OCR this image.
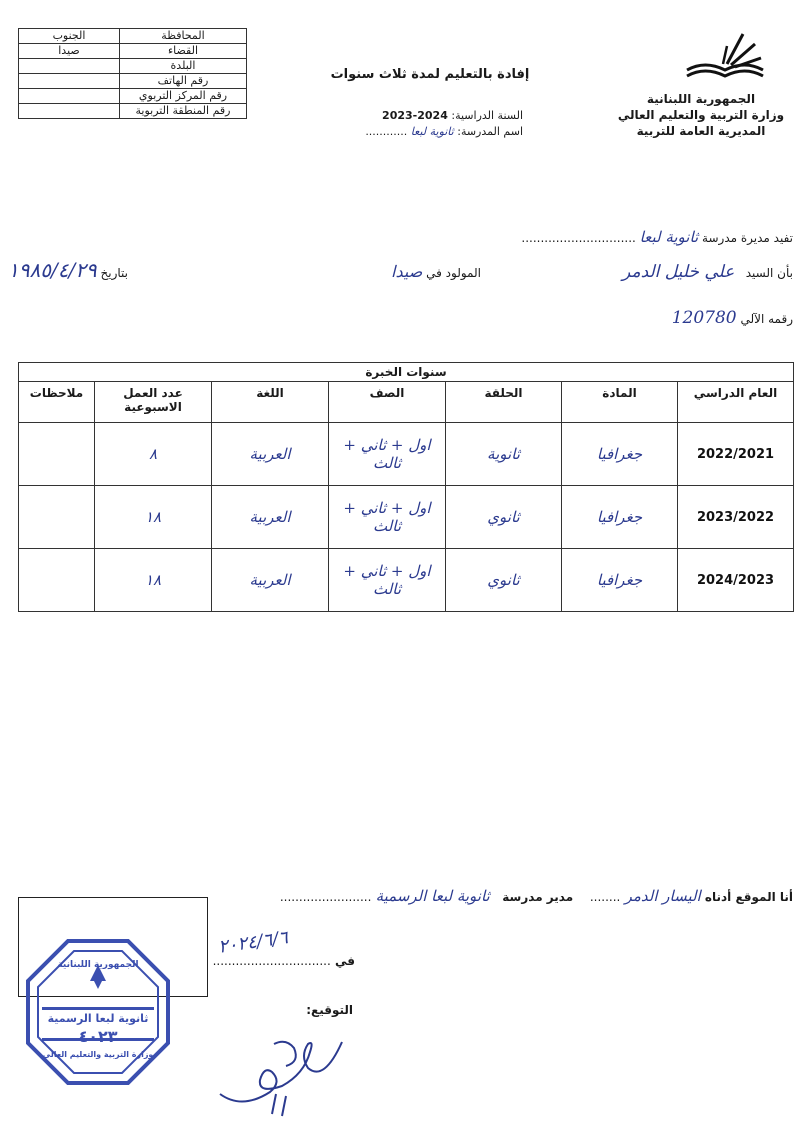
الجمهورية اللبنانية
وزارة التربية والتعليم العالي
المديرية العامة للتربية
إفادة بالتعليم لمدة ثلاث سنوات
السنة الدراسية: 2024-2023
اسم المدرسة: ثانوية لبعا ............
المحافظة	الجنوب
القضاء	صيدا
البلدة	
رقم الهاتف	
رقم المركز التربوي	
رقم المنطقة التربوية	
تفيد مديرة مدرسة ثانوية لبعا ..............................
بأن السيد   علي خليل الدمر
المولود في صيدا
بتاريخ ١٩٨٥/٤/٢٩
رقمه الآلي 120780
سنوات الخبرة
العام الدراسي	المادة	الحلقة	الصف	اللغة	عدد العمل الاسبوعية	ملاحظات
2022/2021	جغرافيا	ثانوية	اول + ثاني + ثالث	العربية	٨	
2023/2022	جغرافيا	ثانوي	اول + ثاني + ثالث	العربية	١٨	
2024/2023	جغرافيا	ثانوي	اول + ثاني + ثالث	العربية	١٨	
أنا الموقع أدناه اليسار الدمر ........    مدير مدرسة   ثانوية لبعا الرسمية ........................
في ...............................
٢٠٢٤/٦/٦
التوقيع:
الجمهورية اللبنانية
ثانوية لبعا الرسمية
٤٠٢٣
وزارة التربية والتعليم العالي
